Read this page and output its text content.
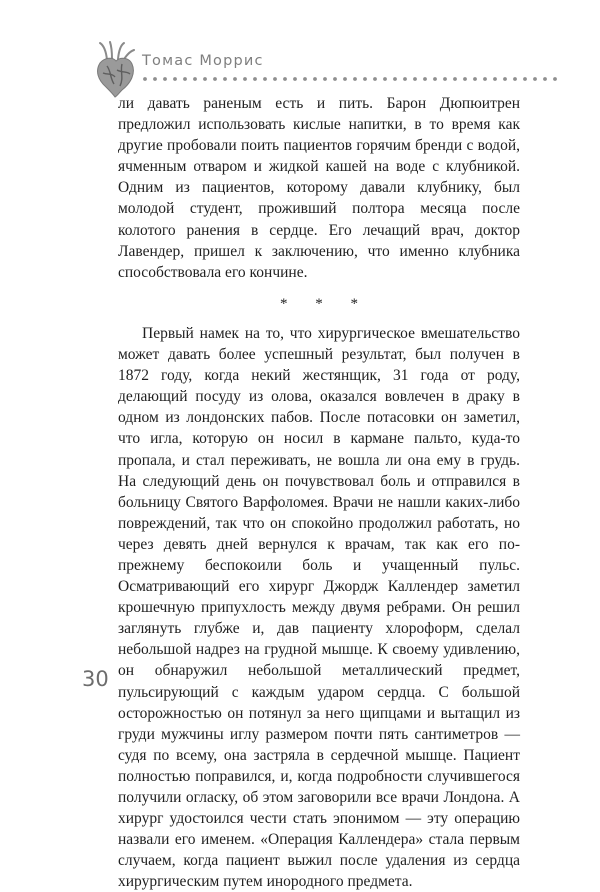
Томас Моррис

ли давать раненым есть и пить. Барон Дюпюитрен предложил использовать кислые напитки, в то время как другие пробовали поить пациентов горячим бренди с водой, ячменным отваром и жидкой кашей на воде с клубникой. Одним из пациентов, которому давали клубнику, был молодой студент, проживший полтора месяца после колотого ранения в сердце. Его лечащий врач, доктор Лавендер, пришел к заключению, что именно клубника способствовала его кончине.

* * *

Первый намек на то, что хирургическое вмешательство может давать более успешный результат, был получен в 1872 году, когда некий жестянщик, 31 года от роду, делающий посуду из олова, оказался вовлечен в драку в одном из лондонских пабов. После потасовки он заметил, что игла, которую он носил в кармане пальто, куда-то пропала, и стал переживать, не вошла ли она ему в грудь. На следующий день он почувствовал боль и отправился в больницу Святого Варфоломея. Врачи не нашли каких-либо повреждений, так что он спокойно продолжил работать, но через девять дней вернулся к врачам, так как его по-прежнему беспокоили боль и учащенный пульс. Осматривающий его хирург Джордж Каллендер заметил крошечную припухлость между двумя ребрами. Он решил заглянуть глубже и, дав пациенту хлороформ, сделал небольшой надрез на грудной мышце. К своему удивлению, он обнаружил небольшой металлический предмет, пульсирующий с каждым ударом сердца. С большой осторожностью он потянул за него щипцами и вытащил из груди мужчины иглу размером почти пять сантиметров — судя по всему, она застряла в сердечной мышце. Пациент полностью поправился, и, когда подробности случившегося получили огласку, об этом заговорили все врачи Лондона. А хирург удостоился чести стать эпонимом — эту операцию назвали его именем. «Операция Каллендера» стала первым случаем, когда пациент выжил после удаления из сердца хирургическим путем инородного предмета.

30
